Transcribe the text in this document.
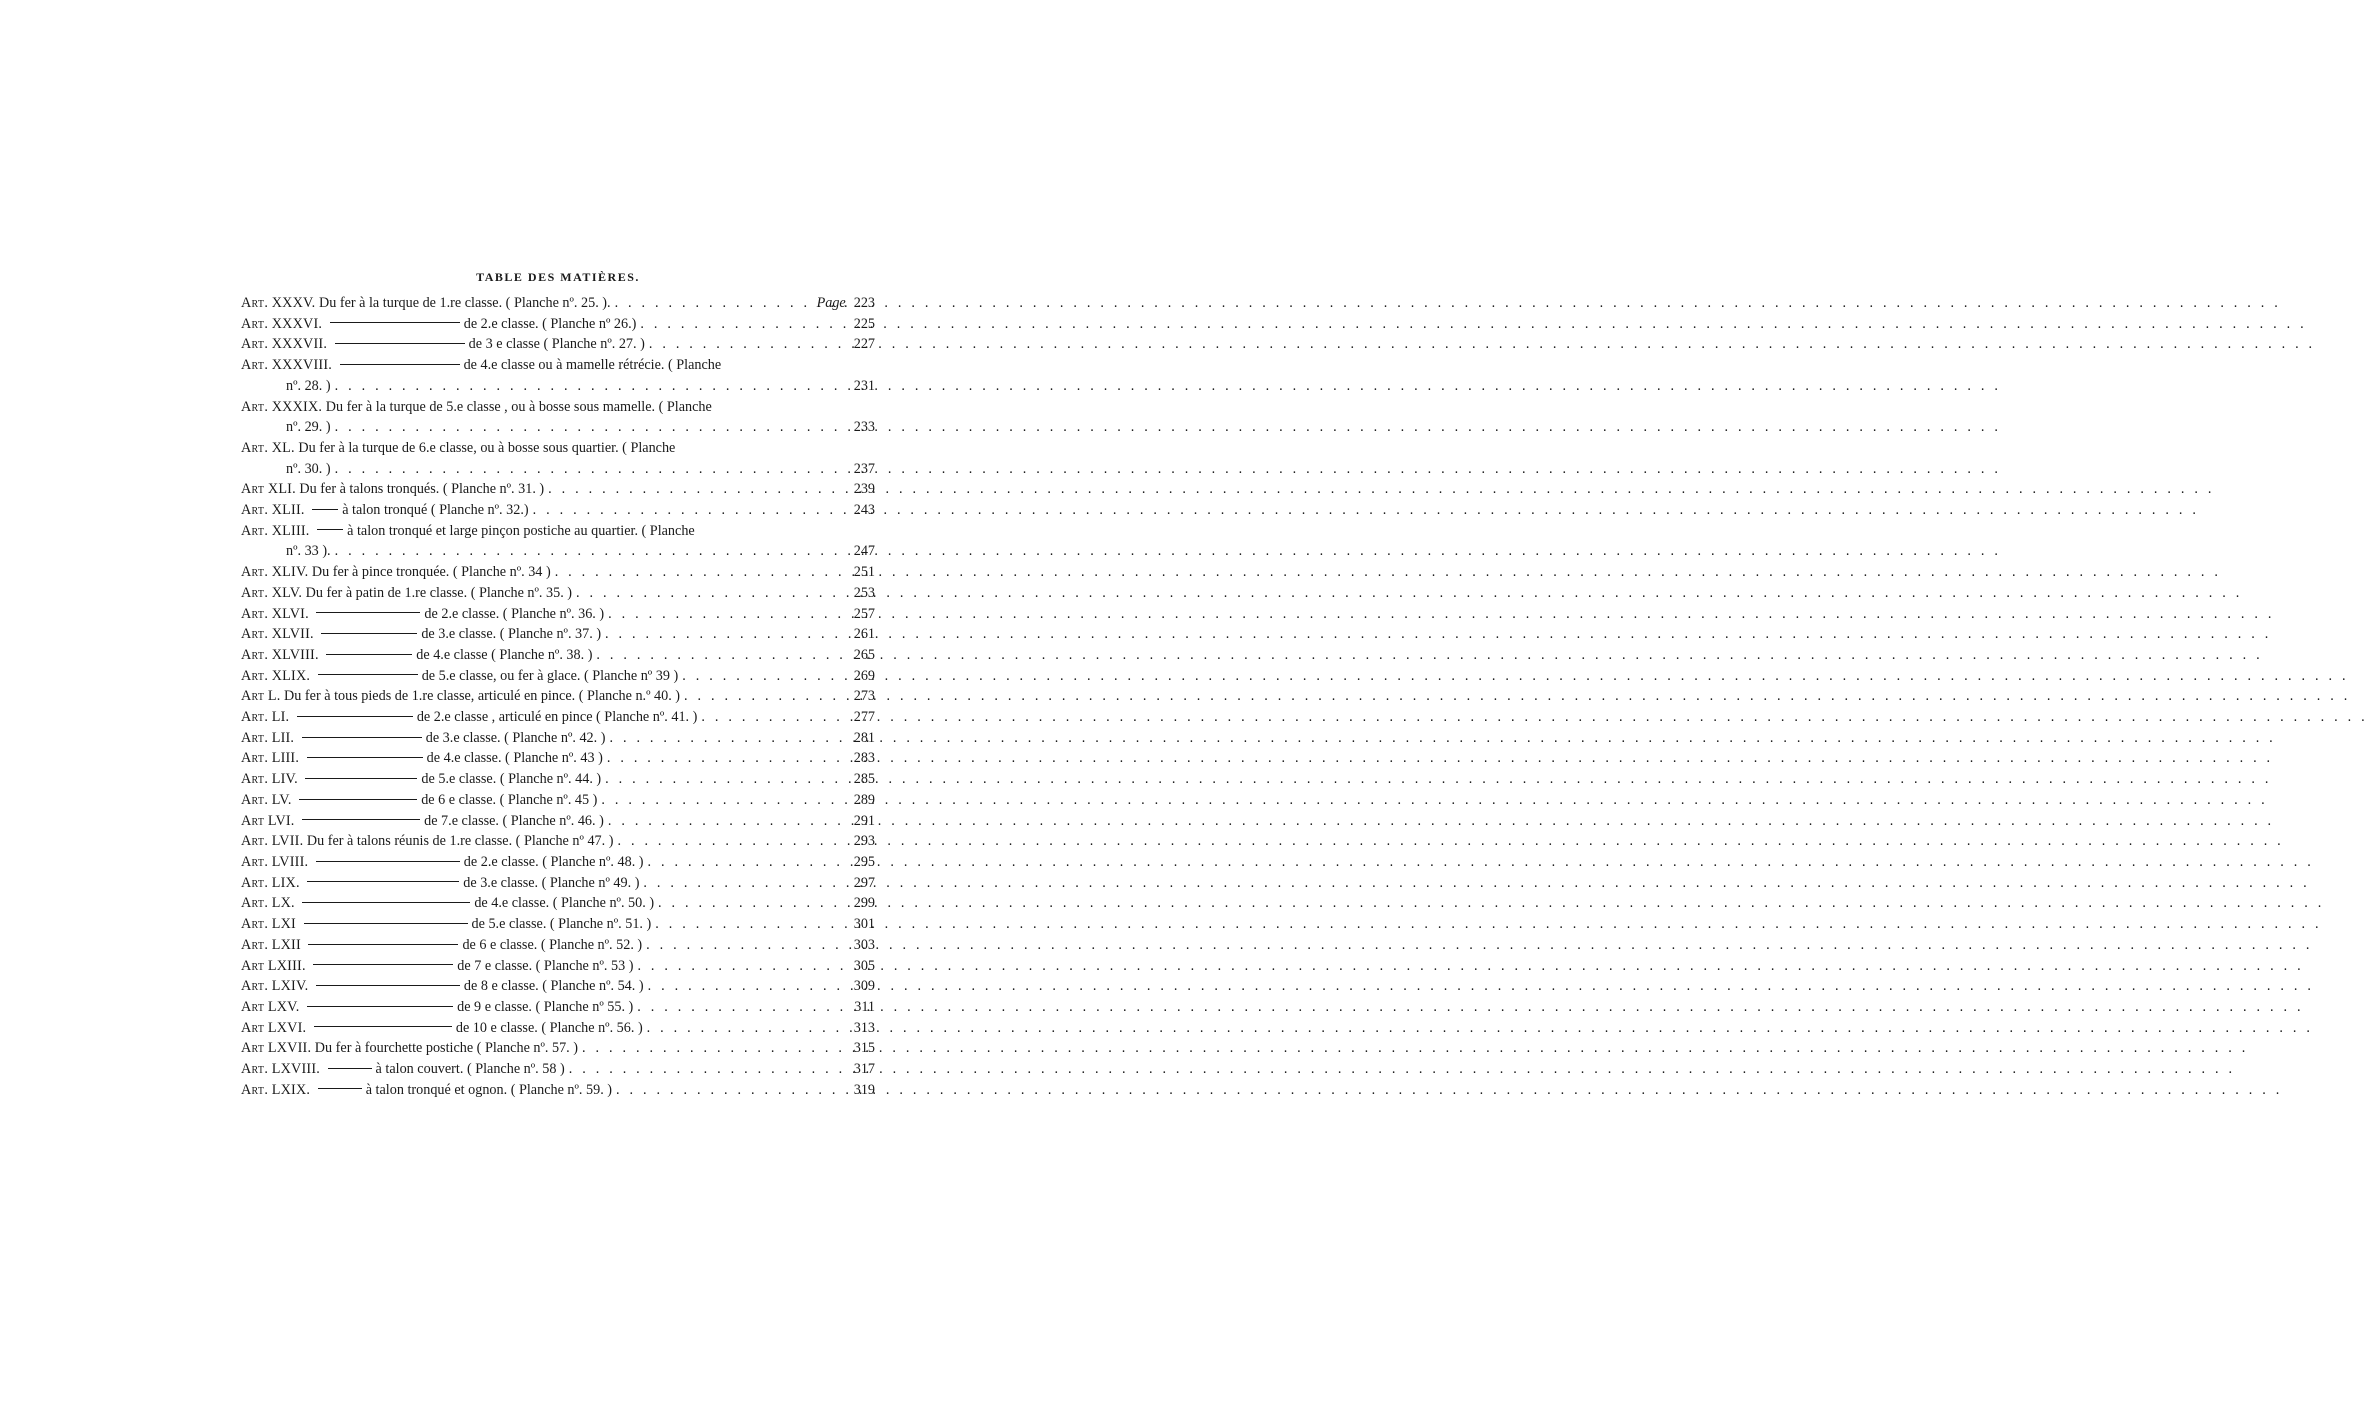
TABLE DES MATIÈRES.
Art. XXXV. Du fer à la turque de 1.re classe. ( Planche nº. 25. ). . . .	Page 223
Art. XXXVI.	de 2.e classe. ( Planche nº 26.) . . .	225
Art. XXXVII.	de 3 e classe ( Planche nº. 27. ) . . .	227
Art. XXXVIII.	de 4.e classe ou à mamelle rétrécie. ( Planche
nº. 28. ) . . .	231
Art. XXXIX. Du fer à la turque de 5.e classe , ou à bosse sous mamelle. ( Planche
nº. 29. ) . . .	233
Art. XL. Du fer à la turque de 6.e classe, ou à bosse sous quartier. ( Planche
nº. 30. ) . . .	237
Art XLI. Du fer à talons tronqués. ( Planche nº. 31. ) . . .	239
Art. XLII.	à talon tronqué ( Planche nº. 32.) . . .	243
Art. XLIII.	à talon tronqué et large pinçon postiche au quartier. ( Planche
nº. 33 ). . . .	247
Art. XLIV. Du fer à pince tronquée. ( Planche nº. 34 ) . . .	251
Art. XLV. Du fer à patin de 1.re classe. ( Planche nº. 35. ) . . .	253
Art. XLVI.	de 2.e classe. ( Planche nº. 36. ) . . .	257
Art. XLVII.	de 3.e classe. ( Planche nº. 37. ) . . .	261
Art. XLVIII.	de 4.e classe ( Planche nº. 38. ) . . .	265
Art. XLIX.	de 5.e classe, ou fer à glace. ( Planche nº 39 ) . . .	269
Art L. Du fer à tous pieds de 1.re classe, articulé en pince. ( Planche n.º 40. ) . . .	273
Art. LI.	de 2.e classe , articulé en pince ( Planche nº. 41. ) . . .	277
Art. LII.	de 3.e classe. ( Planche nº. 42. ) . . .	281
Art. LIII.	de 4.e classe. ( Planche nº. 43 ) . . .	283
Art. LIV.	de 5.e classe. ( Planche nº. 44. ) . . .	285
Art. LV.	de 6 e classe. ( Planche nº. 45 ) . . .	289
Art LVI.	de 7.e classe. ( Planche nº. 46. ) . . .	291
Art. LVII. Du fer à talons réunis de 1.re classe. ( Planche nº 47. ) . . .	293
Art. LVIII.	de 2.e classe. ( Planche nº. 48. ) . . .	295
Art. LIX.	de 3.e classe. ( Planche nº 49. ) . . .	297
Art. LX.	de 4.e classe. ( Planche nº. 50. ) . . .	299
Art. LXI	de 5.e classe. ( Planche nº. 51. ) . . .	301
Art. LXII	de 6 e classe. ( Planche nº. 52. ) . . .	303
Art LXIII.	de 7 e classe. ( Planche nº. 53 ) . . .	305
Art. LXIV.	de 8 e classe. ( Planche nº. 54. ) . . .	309
Art LXV.	de 9 e classe. ( Planche nº 55. ) . . .	311
Art LXVI.	de 10 e classe. ( Planche nº. 56. ) . . .	313
Art LXVII. Du fer à fourchette postiche ( Planche nº. 57. ) . . .	315
Art. LXVIII.	à talon couvert. ( Planche nº. 58 ) . . .	317
Art. LXIX.	à talon tronqué et ognon. ( Planche nº. 59. ) . . .	319
